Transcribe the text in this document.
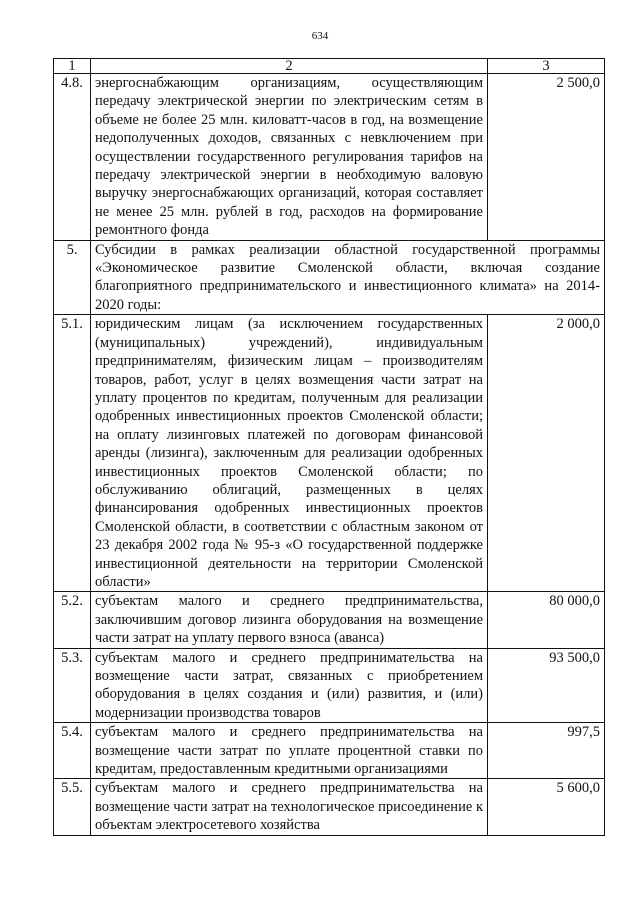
634
1	2	3
4.8.	энергоснабжающим организациям, осуществляющим передачу электрической энергии по электрическим сетям в объеме не более 25 млн. киловатт-часов в год, на возмещение недополученных доходов, связанных с невключением при осуществлении государственного регулирования тарифов на передачу электрической энергии в необходимую валовую выручку энергоснабжающих организаций, которая составляет не менее 25 млн. рублей в год, расходов на формирование ремонтного фонда	2 500,0
5.	Субсидии в рамках реализации областной государственной программы «Экономическое развитие Смоленской области, включая создание благоприятного предпринимательского и инвестиционного климата» на 2014-2020 годы:	
5.1.	юридическим лицам (за исключением государственных (муниципальных) учреждений), индивидуальным предпринимателям, физическим лицам – производителям товаров, работ, услуг в целях возмещения части затрат на уплату процентов по кредитам, полученным для реализации одобренных инвестиционных проектов Смоленской области; на оплату лизинговых платежей по договорам финансовой аренды (лизинга), заключенным для реализации одобренных инвестиционных проектов Смоленской области; по обслуживанию облигаций, размещенных в целях финансирования одобренных инвестиционных проектов Смоленской области, в соответствии с областным законом от 23 декабря 2002 года № 95-з «О государственной поддержке инвестиционной деятельности на территории Смоленской области»	2 000,0
5.2.	субъектам малого и среднего предпринимательства, заключившим договор лизинга оборудования на возмещение части затрат на уплату первого взноса (аванса)	80 000,0
5.3.	субъектам малого и среднего предпринимательства на возмещение части затрат, связанных с приобретением оборудования в целях создания и (или) развития, и (или) модернизации производства товаров	93 500,0
5.4.	субъектам малого и среднего предпринимательства на возмещение части затрат по уплате процентной ставки по кредитам, предоставленным кредитными организациями	997,5
5.5.	субъектам малого и среднего предпринимательства на возмещение части затрат на технологическое присоединение к объектам электросетевого хозяйства	5 600,0
